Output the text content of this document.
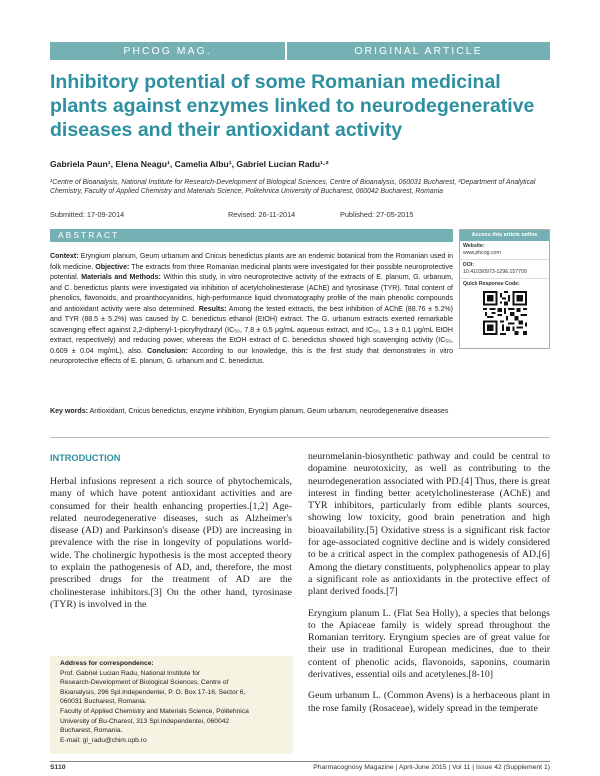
PHCOG MAG.	ORIGINAL ARTICLE
Inhibitory potential of some Romanian medicinal plants against enzymes linked to neurodegenerative diseases and their antioxidant activity
Gabriela Paun¹, Elena Neagu¹, Camelia Albu¹, Gabriel Lucian Radu¹·²
¹Centre of Bioanalysis, National Institute for Research-Development of Biological Sciences, Centre of Bioanalysis, 060031 Bucharest, ²Department of Analytical Chemistry, Faculty of Applied Chemistry and Materials Science, Politehnica University of Bucharest, 060042 Bucharest, Romania
Submitted: 17-09-2014	Revised: 26-11-2014	Published: 27-05-2015
ABSTRACT
Context: Eryngium planum, Geum urbanum and Cnicus benedictus plants are an endemic botanical from the Romanian used in folk medicine. Objective: The extracts from three Romanian medicinal plants were investigated for their possible neuroprotective potential. Materials and Methods: Within this study, in vitro neuroprotective activity of the extracts of E. planum, G. urbanum, and C. benedictus plants were investigated via inhibition of acetylcholinesterase (AChE) and tyrosinase (TYR). Total content of phenolics, flavonoids, and proanthocyanidins, high-performance liquid chromatography profile of the main phenolic compounds and antioxidant activity were also determined. Results: Among the tested extracts, the best inhibition of AChE (88.76 ± 5.2%) and TYR (88.5 ± 5.2%) was caused by C. benedictus ethanol (EtOH) extract. The G. urbanum extracts exerted remarkable scavenging effect against 2,2-diphenyl-1-picrylhydrazyl (IC₅₀, 7.8 ± 0.5 μg/mL aqueous extract, and IC₅₀, 1.3 ± 0.1 μg/mL EtOH extract, respectively) and reducing power, whereas the EtOH extract of C. benedictus showed high scavenging activity (IC₅₀, 0.609 ± 0.04 mg/mL), also. Conclusion: According to our knowledge, this is the first study that demonstrates in vitro neuroprotective effects of E. planum, G. urbanum and C. benedictus.
Key words: Antioxidant, Cnicus benedictus, enzyme inhibition, Eryngium planum, Geum urbanum, neurodegenerative diseases
Access this article online
Website:
www.phcog.com
DOI:
10.4103/0973-1296.157709
Quick Response Code:
INTRODUCTION

Herbal infusions represent a rich source of phytochemicals, many of which have potent antioxidant activities and are consumed for their health enhancing properties.[1,2] Age-related neurodegenerative diseases, such as Alzheimer's disease (AD) and Parkinson's disease (PD) are increasing in prevalence with the rise in longevity of populations world-wide. The cholinergic hypothesis is the most accepted theory to explain the pathogenesis of AD, and, therefore, the most prescribed drugs for the treatment of AD are the cholinesterase inhibitors.[3] On the other hand, tyrosinase (TYR) is involved in the

neuromelanin-biosynthetic pathway and could be central to dopamine neurotoxicity, as well as contributing to the neurodegeneration associated with PD.[4] Thus, there is great interest in finding better acetylcholinesterase (AChE) and TYR inhibitors, particularly from edible plants sources, showing low toxicity, good brain penetration and high bioavailability.[5] Oxidative stress is a significant risk factor for age-associated cognitive decline and is widely considered to be a critical aspect in the complex pathogenesis of AD.[6] Among the dietary constituents, polyphenolics appear to play a significant role as antioxidants in the protective effect of plant derived foods.[7]

Eryngium planum L. (Flat Sea Holly), a species that belongs to the Apiaceae family is widely spread throughout the Romanian territory. Eryngium species are of great value for their use in traditional European medicines, due to their content of phenolic acids, flavonoids, saponins, coumarin derivatives, essential oils and acetylenes.[8-10]

Geum urbanum L. (Common Avens) is a herbaceous plant in the rose family (Rosaceae), widely spread in the temperate

Address for correspondence:
Prof. Gabriel Lucian Radu, National Institute for
Research-Development of Biological Sciences, Centre of
Bioanalysis, 296 Spl.Independentei, P. O. Box 17-16, Sector 6,
060031 Bucharest, Romania.
Faculty of Applied Chemistry and Materials Science, Politehnica
University of Bu-Charest, 313 Spl.Independentei, 060042
Bucharest, Romania.
E-mail: gl_radu@chim.upb.ro
S110	Pharmacognosy Magazine | April-June 2015 | Vol 11 | Issue 42 (Supplement 1)
